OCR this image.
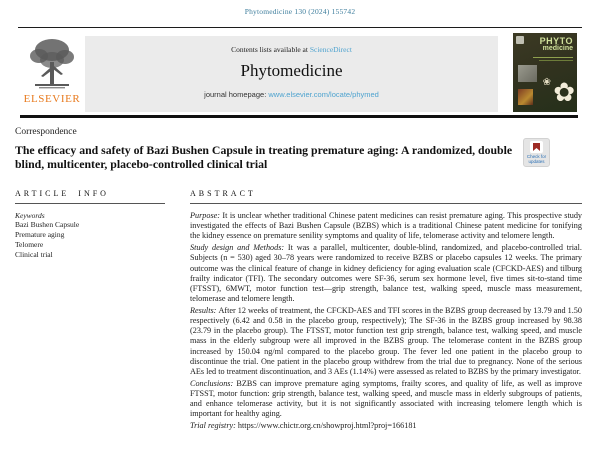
Phytomedicine 130 (2024) 155742
ELSEVIER
Contents lists available at ScienceDirect
Phytomedicine
journal homepage: www.elsevier.com/locate/phymed
PHYTO
medicine
✿
❀
Correspondence
The efficacy and safety of Bazi Bushen Capsule in treating premature aging: A randomized, double blind, multicenter, placebo-controlled clinical trial
Check for
updates
ARTICLE INFO
Keywords
Bazi Bushen Capsule
Premature aging
Telomere
Clinical trial
ABSTRACT

Purpose: It is unclear whether traditional Chinese patent medicines can resist premature aging. This prospective study investigated the effects of Bazi Bushen Capsule (BZBS) which is a traditional Chinese patent medicine for tonifying the kidney essence on premature senility symptoms and quality of life, telomerase activity and telomere length.

Study design and Methods: It was a parallel, multicenter, double-blind, randomized, and placebo-controlled trial. Subjects (n = 530) aged 30–78 years were randomized to receive BZBS or placebo capsules 12 weeks. The primary outcome was the clinical feature of change in kidney deficiency for aging evaluation scale (CFCKD-AES) and tilburg frailty indicator (TFI). The secondary outcomes were SF-36, serum sex hormone level, five times sit-to-stand time (FTSST), 6MWT, motor function test—grip strength, balance test, walking speed, muscle mass measurement, telomerase and telomere length.

Results: After 12 weeks of treatment, the CFCKD-AES and TFI scores in the BZBS group decreased by 13.79 and 1.50 respectively (6.42 and 0.58 in the placebo group, respectively); The SF-36 in the BZBS group increased by 98.38 (23.79 in the placebo group). The FTSST, motor function test grip strength, balance test, walking speed, and muscle mass in the elderly subgroup were all improved in the BZBS group. The telomerase content in the BZBS group increased by 150.04 ng/ml compared to the placebo group. The fever led one patient in the placebo group to discontinue the trial. One patient in the placebo group withdrew from the trial due to pregnancy. None of the serious AEs led to treatment discontinuation, and 3 AEs (1.14%) were assessed as related to BZBS by the primary investigator.

Conclusions: BZBS can improve premature aging symptoms, frailty scores, and quality of life, as well as improve FTSST, motor function: grip strength, balance test, walking speed, and muscle mass in elderly subgroups of patients, and enhance telomerase activity, but it is not significantly associated with increasing telomere length which is important for healthy aging.

Trial registry: https://www.chictr.org.cn/showproj.html?proj=166181
